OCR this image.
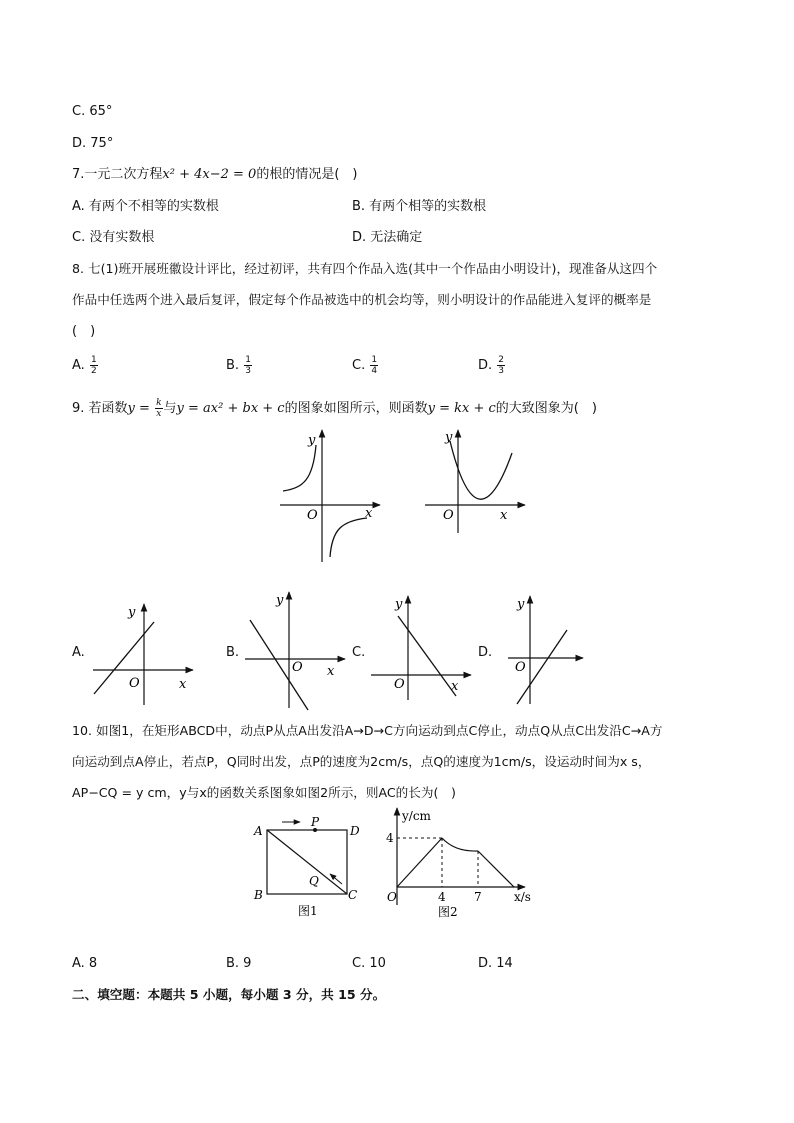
C. 65°
D. 75°
7.一元二次方程x² + 4x−2 = 0的根的情况是(　)
A. 有两个不相等的实数根	B. 有两个相等的实数根
C. 没有实数根	D. 无法确定
8. 七(1)班开展班徽设计评比，经过初评，共有四个作品入选(其中一个作品由小明设计)，现准备从这四个
作品中任选两个进入最后复评，假定每个作品被选中的机会均等，则小明设计的作品能进入复评的概率是
(　)
A. $\frac{1}{2}$	B. $\frac{1}{3}$	C. $\frac{1}{4}$	D. $\frac{2}{3}$
9. 若函数$y = \frac{k}{x}$ 与y = ax² + bx + c的图象如图所示，则函数y = kx + c的大致图象为(　)
y
x
O
y
x
O
A.	B.	C.	D.
y
x
O
y
x
O
y
x
O
y
O
10. 如图1，在矩形ABCD中，动点P从点A出发沿A→D→C方向运动到点C停止，动点Q从点C出发沿C→A方
向运动到点A停止，若点P，Q同时出发，点P的速度为2cm/s，点Q的速度为1cm/s，设运动时间为x s，
AP−CQ = y cm，y与x的函数关系图象如图2所示，则AC的长为(　)
A
B	C
D
P
Q
图1
y/cm
x/s
O
4
4 7
图2
A. 8	B. 9	C. 10	D. 14
二、填空题：本题共 5 小题，每小题 3 分，共 15 分。
